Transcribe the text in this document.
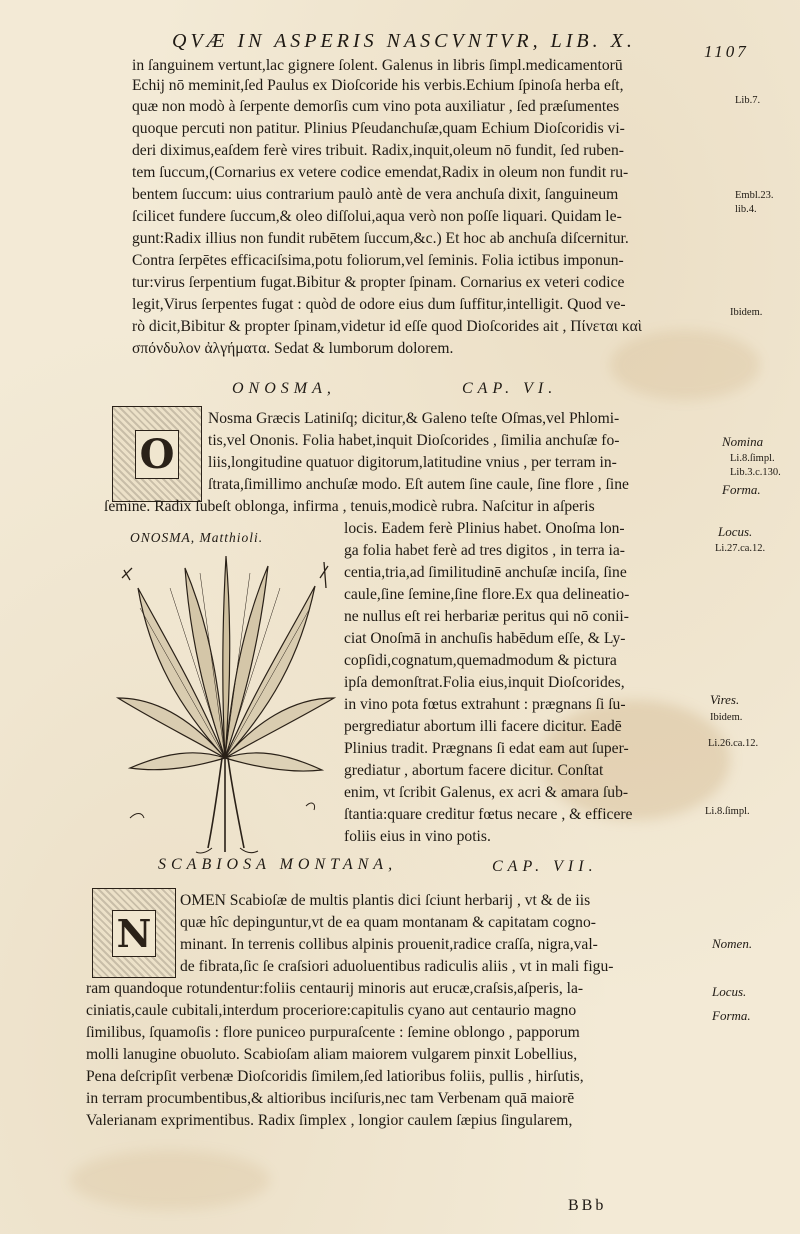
QVÆ IN ASPERIS NASCVNTVR, LIB. X.	1107
in ſanguinem vertunt,lac gignere ſolent. Galenus in libris ſimpl.medicamentorū
Echij nō meminit,ſed Paulus ex Dioſcoride his verbis.Echium ſpinoſa herba eſt,
quæ non modò à ſerpente demorſis cum vino pota auxiliatur , ſed præſumentes
quoque percuti non patitur. Plinius Pſeudanchuſæ,quam Echium Dioſcoridis vi-
deri diximus,eaſdem ferè vires tribuit. Radix,inquit,oleum nō fundit, ſed ruben-
tem ſuccum,(Cornarius ex vetere codice emendat,Radix in oleum non fundit ru-
bentem ſuccum: uius contrarium paulò antè de vera anchuſa dixit, ſanguineum
ſcilicet fundere ſuccum,& oleo diſſolui,aqua verò non poſſe liquari. Quidam le-
gunt:Radix illius non fundit rubētem ſuccum,&c.) Et hoc ab anchuſa diſcernitur.
Contra ſerpētes efficaciſsima,potu foliorum,vel ſeminis. Folia ictibus imponun-
tur:virus ſerpentium fugat.Bibitur & propter ſpinam. Cornarius ex veteri codice
legit,Virus ſerpentes fugat : quòd de odore eius dum ſuffitur,intelligit. Quod ve-
rò dicit,Bibitur & propter ſpinam,videtur id eſſe quod Dioſcorides ait , Πίνεται καὶ
σπόνδυλον ἀλγήματα. Sedat & lumborum dolorem.
Lib.7.
Embl.23.
lib.4.
Ibidem.
ONOSMA,	CAP. VI.
O
Nosma Græcis Latiniſq; dicitur,& Galeno teſte Oſmas,vel Phlomi-
tis,vel Ononis. Folia habet,inquit Dioſcorides , ſimilia anchuſæ fo-
liis,longitudine quatuor digitorum,latitudine vnius , per terram in-
ſtrata,ſimillimo anchuſæ modo. Eſt autem ſine caule, ſine flore , ſine
ſemine. Radix ſubeſt oblonga, infirma , tenuis,modicè rubra. Naſcitur in aſperis
ONOSMA, Matthioli.
locis. Eadem ferè Plinius habet. Onoſma lon-
ga folia habet ferè ad tres digitos , in terra ia-
centia,tria,ad ſimilitudinē anchuſæ inciſa, ſine
caule,ſine ſemine,ſine flore.Ex qua delineatio-
ne nullus eſt rei herbariæ peritus qui nō conii-
ciat Onoſmā in anchuſis habēdum eſſe, & Ly-
copſidi,cognatum,quemadmodum & pictura
ipſa demonſtrat.Folia eius,inquit Dioſcorides,
in vino pota fœtus extrahunt : prægnans ſi ſu-
pergrediatur abortum illi facere dicitur. Eadē
Plinius tradit. Prægnans ſi edat eam aut ſuper-
grediatur , abortum facere dicitur. Conſtat
enim, vt ſcribit Galenus, ex acri & amara ſub-
ſtantia:quare creditur fœtus necare , & efficere
foliis eius in vino potis.
Nomina
Li.8.ſimpl.
Lib.3.c.130.
Forma.
Locus.
Li.27.ca.12.
Vires.
Ibidem.
Li.26.ca.12.
Li.8.ſimpl.
SCABIOSA MONTANA,	CAP. VII.
N
OMEN Scabioſæ de multis plantis dici ſciunt herbarij , vt & de iis
quæ hîc depinguntur,vt de ea quam montanam & capitatam cogno-
minant. In terrenis collibus alpinis prouenit,radice craſſa, nigra,val-
de fibrata,ſic ſe craſsiori aduoluentibus radiculis aliis , vt in mali figu-
ram quandoque rotundentur:foliis centaurij minoris aut erucæ,craſsis,aſperis, la-
ciniatis,caule cubitali,interdum proceriore:capitulis cyano aut centaurio magno
ſimilibus, ſquamoſis : flore puniceo purpuraſcente : ſemine oblongo , papporum
molli lanugine obuoluto. Scabioſam aliam maiorem vulgarem pinxit Lobellius,
Pena deſcripſit verbenæ Dioſcoridis ſimilem,ſed latioribus foliis, pullis , hirſutis,
in terram procumbentibus,& altioribus inciſuris,nec tam Verbenam quā maiorē
Valerianam exprimentibus. Radix ſimplex , longior caulem ſæpius ſingularem,
Nomen.
Locus.
Forma.
BBb
